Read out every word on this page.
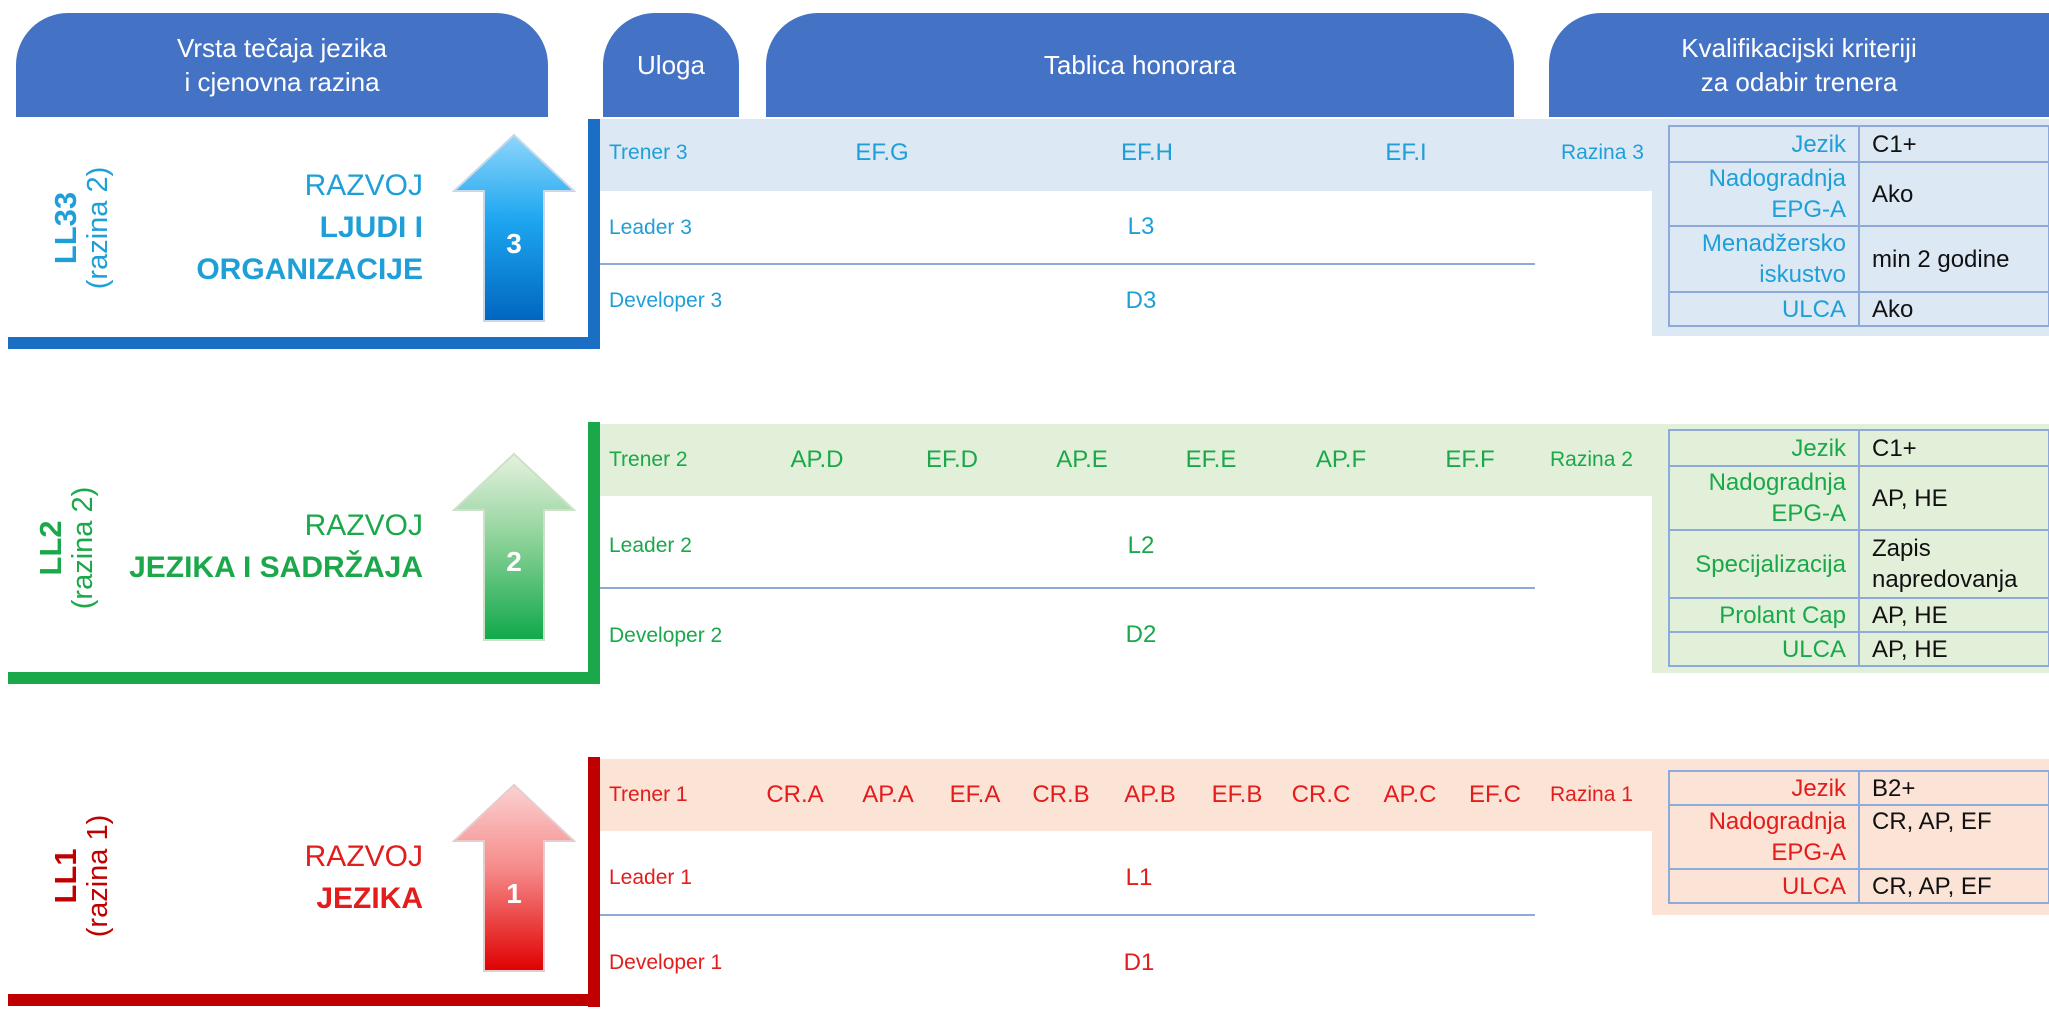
Vrsta tečaja jezika
i cjenovna razina
Uloga	Tablica honorara
Kvalifikacijski kriteriji
za odabir trenera
LL33 (razina 2)	RAZVOJ
LJUDI I
ORGANIZACIJE
3
Trener 3	EF.G	EF.H	EF.I	Razina 3
Leader 3	L3
Developer 3	D3
Jezik	C1+
Nadogradnja EPG-A	Ako
Menadžersko iskustvo	min 2 godine
ULCA	Ako
LL2 (razina 2)	RAZVOJ
JEZIKA I SADRŽAJA	2
Trener 2	AP.D	EF.D	AP.E	EF.E	AP.F	EF.F	Razina 2
Leader 2	L2
Developer 2	D2
Jezik	C1+
Nadogradnja EPG-A	AP, HE
Specijalizacija	Zapis napredovanja
Prolant Cap	AP, HE
ULCA	AP, HE
LL1 (razina 1)	RAZVOJ
JEZIKA	1
Trener 1	CR.A AP.A EF.A CR.B AP.B EF.B CR.C AP.C EF.C Razina 1
Leader 1	L1
Developer 1	D1
Jezik	B2+
Nadogradnja EPG-A	CR, AP, EF
ULCA	CR, AP, EF
